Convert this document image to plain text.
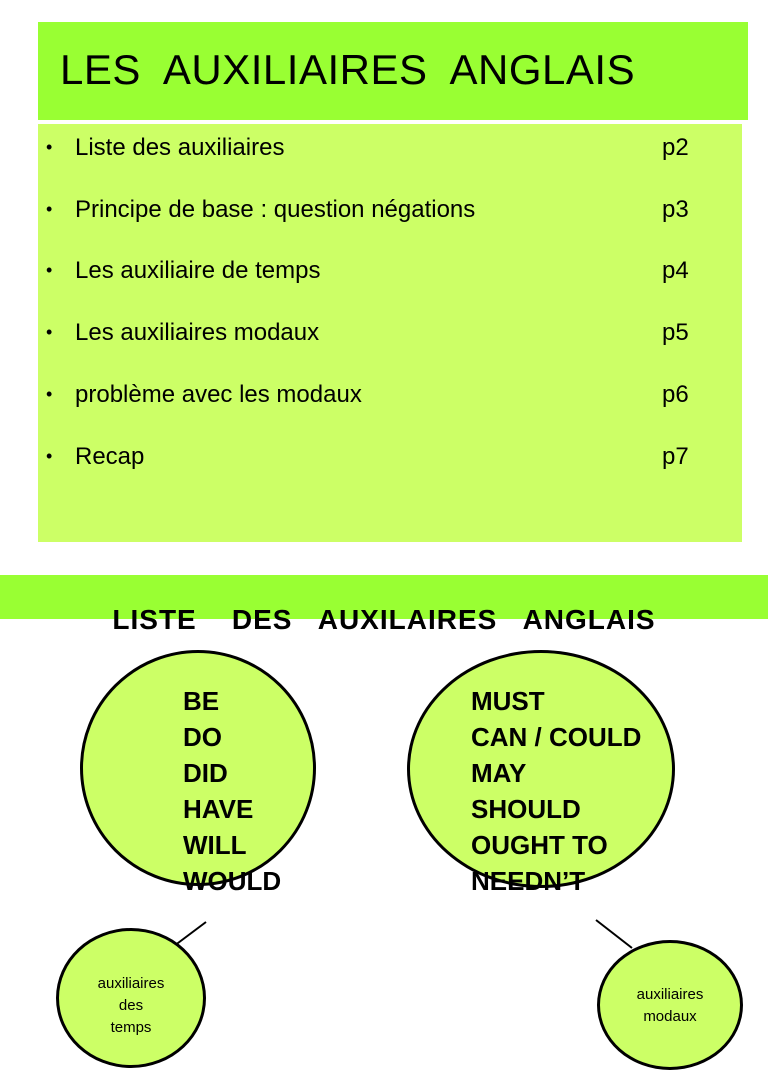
LES  AUXILIAIRES  ANGLAIS
• Liste des auxiliaires	p2
• Principe de base : question négations	p3
• Les auxiliaire de temps	p4
• Les auxiliaires modaux	p5
• problème avec les modaux	p6
• Recap	p7
LISTE    DES   AUXILAIRES   ANGLAIS
BE
DO
DID
HAVE
WILL
WOULD
MUST
CAN / COULD
MAY
SHOULD
OUGHT TO
NEEDN’T

auxiliaires
des
temps

auxiliaires
modaux
